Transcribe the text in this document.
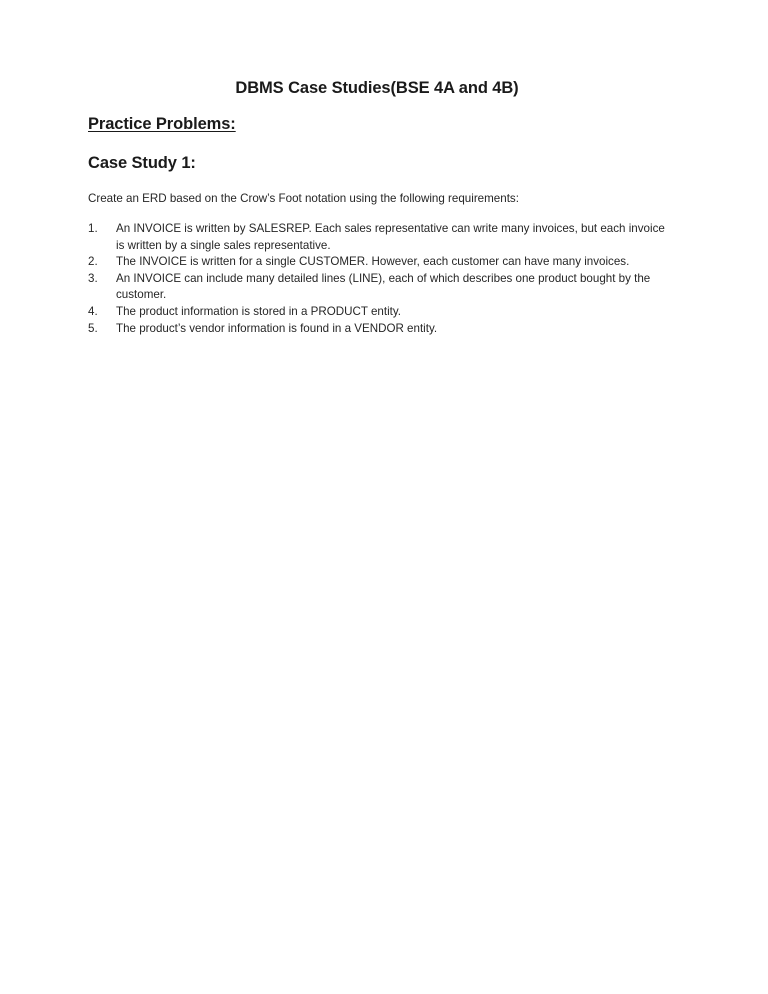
DBMS Case Studies(BSE 4A and 4B)
Practice Problems:
Case Study 1:

Create an ERD based on the Crow’s Foot notation using the following requirements:

An INVOICE is written by SALESREP. Each sales representative can write many invoices, but each invoice is written by a single sales representative.
The INVOICE is written for a single CUSTOMER. However, each customer can have many invoices.
An INVOICE can include many detailed lines (LINE), each of which describes one product bought by the customer.
The product information is stored in a PRODUCT entity.
The product’s vendor information is found in a VENDOR entity.
